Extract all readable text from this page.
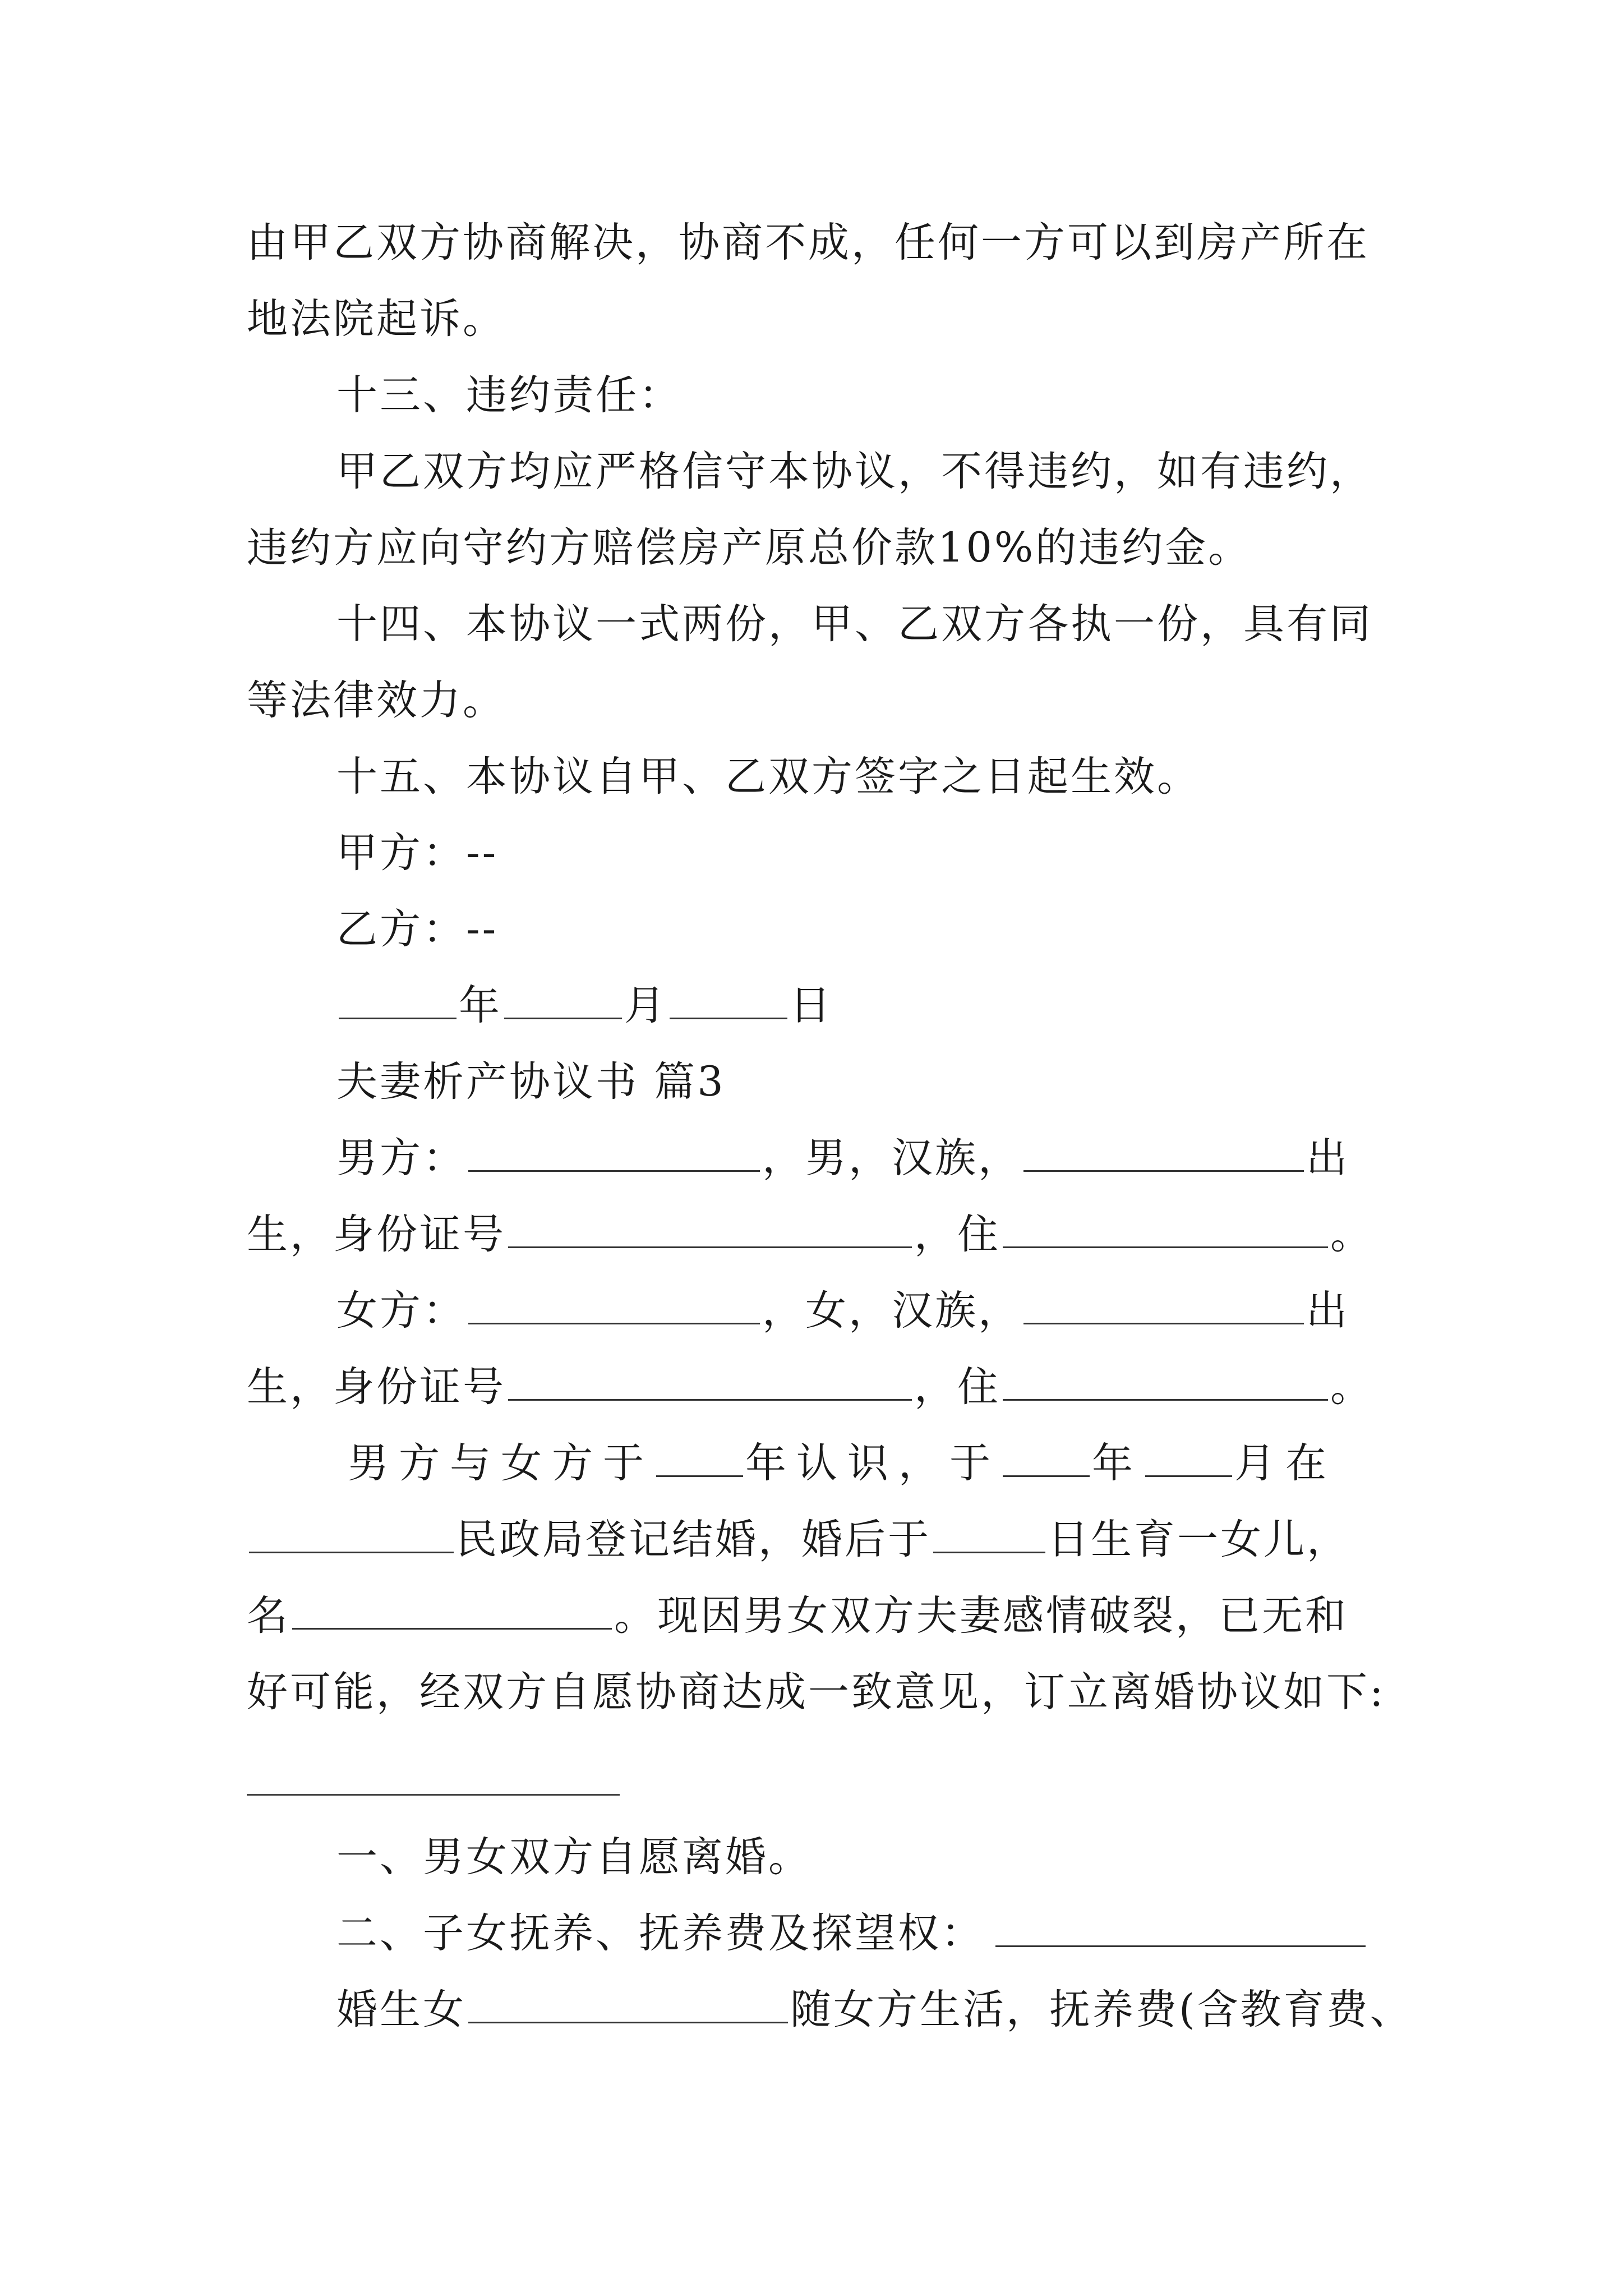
由甲乙双方协商解决，协商不成，任何一方可以到房产所在
地法院起诉。
十三、违约责任：
甲乙双方均应严格信守本协议，不得违约，如有违约，
违约方应向守约方赔偿房产原总价款10%的违约金。
十四、本协议一式两份，甲、乙双方各执一份，具有同
等法律效力。
十五、本协议自甲、乙双方签字之日起生效。
甲方：--
乙方：--
年	月	日
夫妻析产协议书 篇3
男方：	，男，汉族，	出
生，身份证号	，住	。
女方：	，女，汉族，	出
生，身份证号	，住	。
男方与女方于 年认识，于 年 月在
民政局登记结婚，婚后于	日生育一女儿，
名	。现因男女双方夫妻感情破裂，已无和
好可能，经双方自愿协商达成一致意见，订立离婚协议如下:
一、男女双方自愿离婚。
二、子女抚养、抚养费及探望权：
婚生女	随女方生活，抚养费(含教育费、
